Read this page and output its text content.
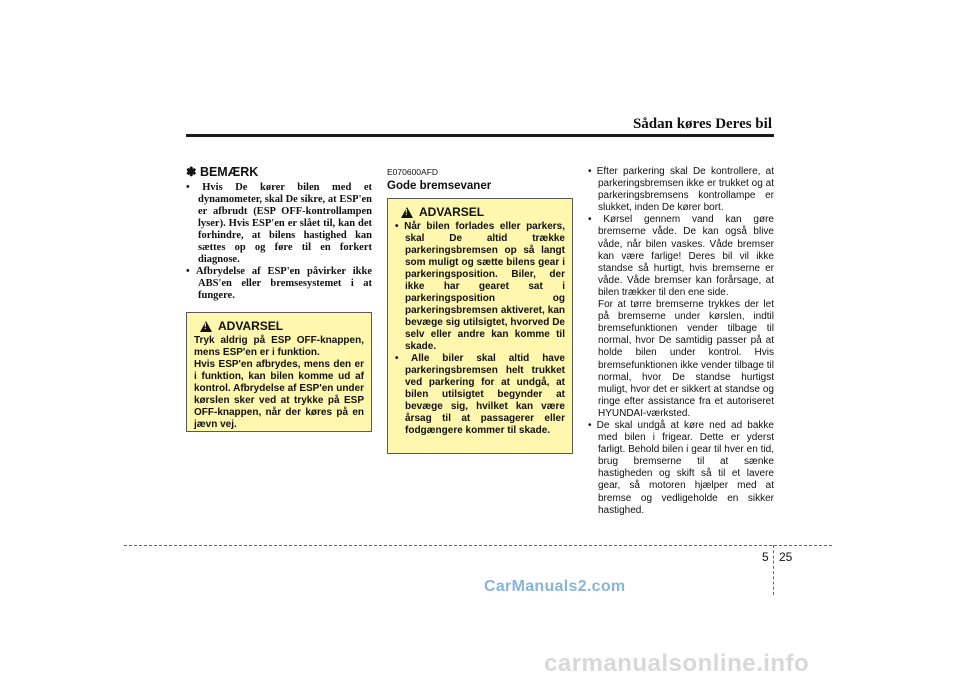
Sådan køres Deres bil
✽ BEMÆRK
• Hvis De kører bilen med et dynamometer, skal De sikre, at ESP'en er afbrudt (ESP OFF-kontrollampen lyser). Hvis ESP'en er slået til, kan det forhindre, at bilens hastighed kan sættes op og føre til en forkert diagnose.
• Afbrydelse af ESP'en påvirker ikke ABS'en eller bremsesystemet i at fungere.
!
ADVARSEL

Tryk aldrig på ESP OFF-knappen, mens ESP'en er i funktion.

Hvis ESP'en afbrydes, mens den er i funktion, kan bilen komme ud af kontrol. Afbrydelse af ESP'en under kørslen sker ved at trykke på ESP OFF-knappen, når der køres på en jævn vej.

E070600AFD
Gode bremsevaner
!
ADVARSEL
• Når bilen forlades eller parkers, skal De altid trække parkeringsbremsen op så langt som muligt og sætte bilens gear i parkeringsposition. Biler, der ikke har gearet sat i parkeringsposition og parkeringsbremsen aktiveret, kan bevæge sig utilsigtet, hvorved De selv eller andre kan komme til skade.
• Alle biler skal altid have parkeringsbremsen helt trukket ved parkering for at undgå, at bilen utilsigtet begynder at bevæge sig, hvilket kan være årsag til at passagerer eller fodgængere kommer til skade.
• Efter parkering skal De kontrollere, at parkeringsbremsen ikke er trukket og at parkeringsbremsens kontrollampe er slukket, inden De kører bort.
• Kørsel gennem vand kan gøre bremserne våde. De kan også blive våde, når bilen vaskes. Våde bremser kan være farlige! Deres bil vil ikke standse så hurtigt, hvis bremserne er våde. Våde bremser kan forårsage, at bilen trækker til den ene side.

For at tørre bremserne trykkes der let på bremserne under kørslen, indtil bremsefunktionen vender tilbage til normal, hvor De samtidig passer på at holde bilen under kontrol. Hvis bremsefunktionen ikke vender tilbage til normal, hvor De standse hurtigst muligt, hvor det er sikkert at standse og ringe efter assistance fra et autoriseret HYUNDAI-værksted.

• De skal undgå at køre ned ad bakke med bilen i frigear. Dette er yderst farligt. Behold bilen i gear til hver en tid, brug bremserne til at sænke hastigheden og skift så til et lavere gear, så motoren hjælper med at bremse og vedligeholde en sikker hastighed.
5 25
CarManuals2.com
carmanualsonline.info
